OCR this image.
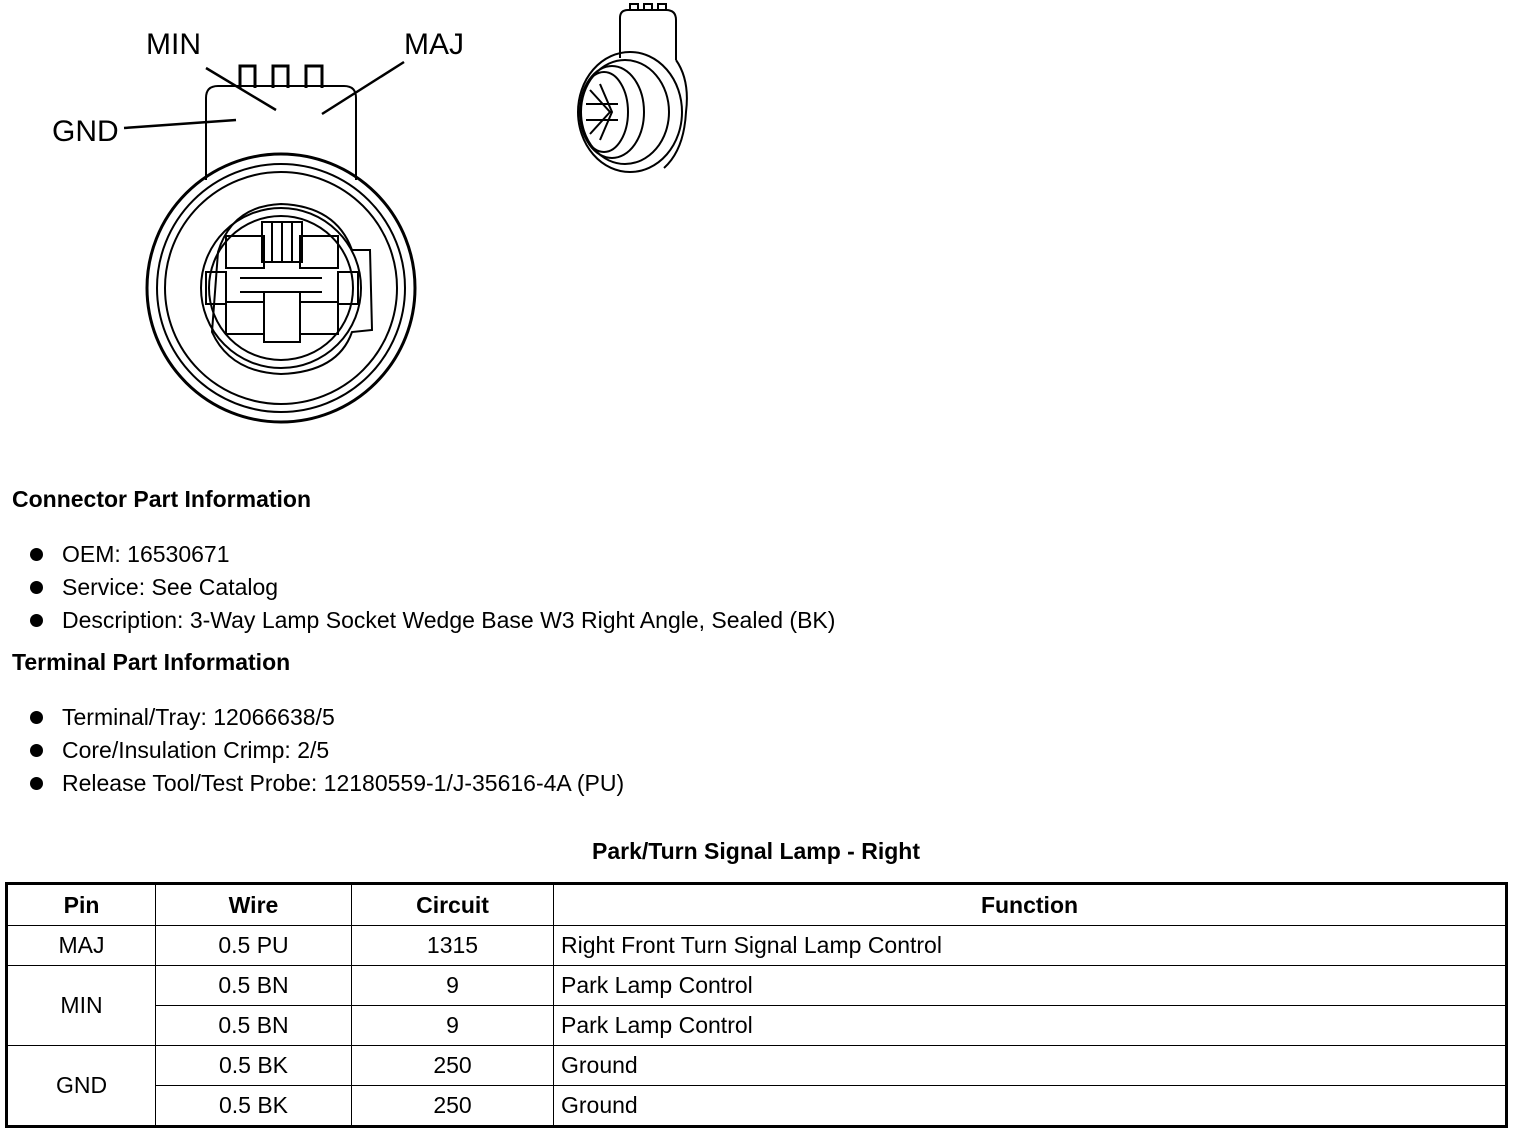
MIN	MAJ
GND
Connector Part Information
OEM: 16530671
Service: See Catalog
Description: 3-Way Lamp Socket Wedge Base W3 Right Angle, Sealed (BK)
Terminal Part Information
Terminal/Tray: 12066638/5
Core/Insulation Crimp: 2/5
Release Tool/Test Probe: 12180559-1/J-35616-4A (PU)
Park/Turn Signal Lamp - Right
Pin	Wire	Circuit	Function
MAJ	0.5 PU	1315	Right Front Turn Signal Lamp Control
MIN	0.5 BN	9	Park Lamp Control
	0.5 BN	9	Park Lamp Control
GND	0.5 BK	250	Ground
	0.5 BK	250	Ground
